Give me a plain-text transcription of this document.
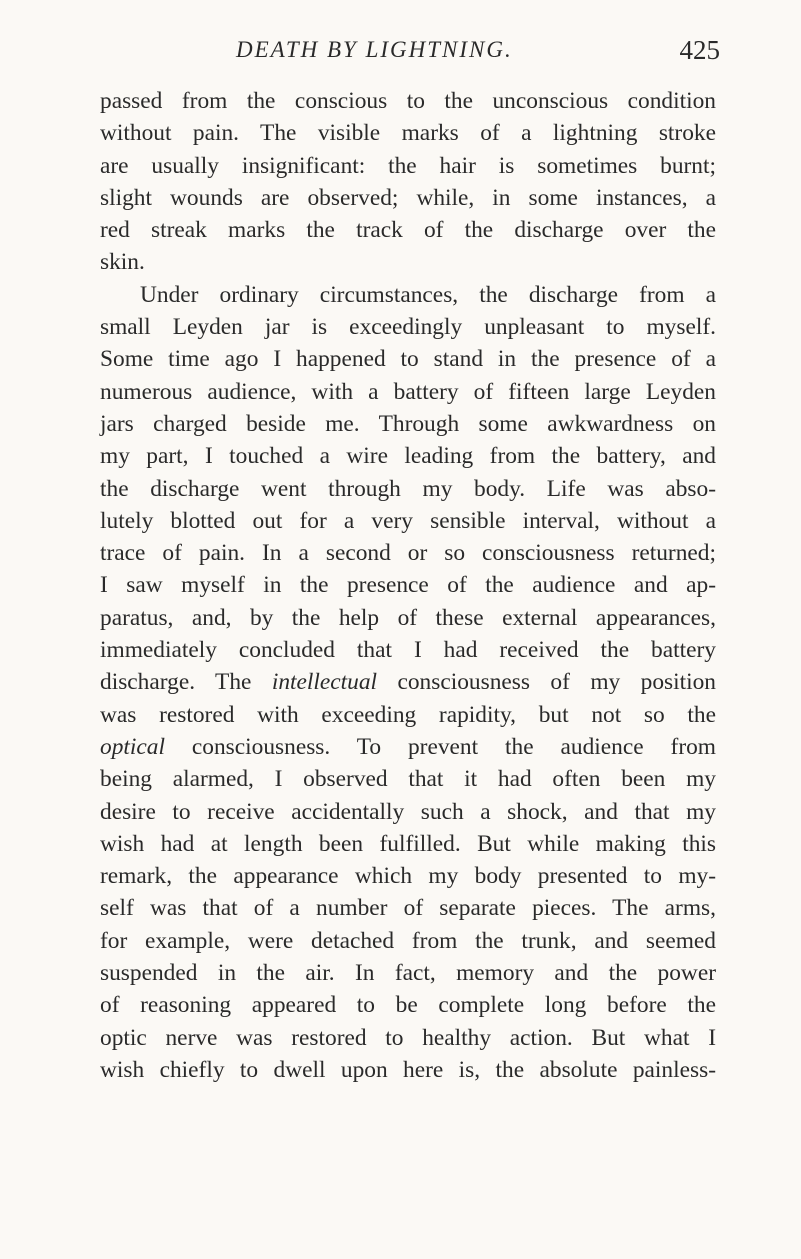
DEATH BY LIGHTNING.	425
passed from the conscious to the unconscious condition
without pain. The visible marks of a lightning stroke
are usually insignificant: the hair is sometimes burnt;
slight wounds are observed; while, in some instances, a
red streak marks the track of the discharge over the
skin.
Under ordinary circumstances, the discharge from a
small Leyden jar is exceedingly unpleasant to myself.
Some time ago I happened to stand in the presence of a
numerous audience, with a battery of fifteen large Leyden
jars charged beside me. Through some awkwardness on
my part, I touched a wire leading from the battery, and
the discharge went through my body. Life was abso-
lutely blotted out for a very sensible interval, without a
trace of pain. In a second or so consciousness returned;
I saw myself in the presence of the audience and ap-
paratus, and, by the help of these external appearances,
immediately concluded that I had received the battery
discharge. The intellectual consciousness of my position
was restored with exceeding rapidity, but not so the
optical consciousness. To prevent the audience from
being alarmed, I observed that it had often been my
desire to receive accidentally such a shock, and that my
wish had at length been fulfilled. But while making this
remark, the appearance which my body presented to my-
self was that of a number of separate pieces. The arms,
for example, were detached from the trunk, and seemed
suspended in the air. In fact, memory and the power
of reasoning appeared to be complete long before the
optic nerve was restored to healthy action. But what I
wish chiefly to dwell upon here is, the absolute painless-
